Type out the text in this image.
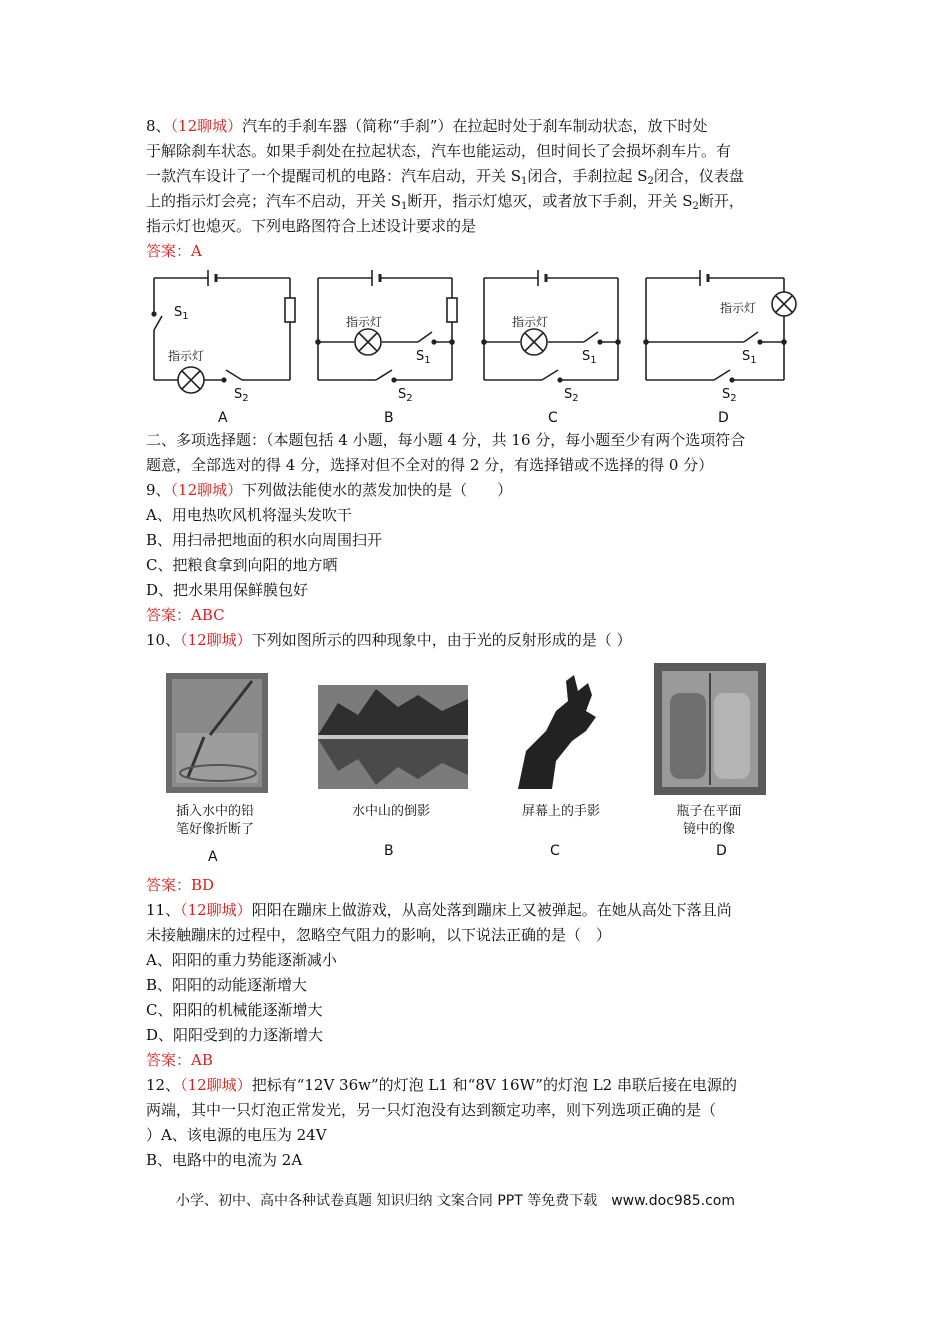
8、（12聊城）汽车的手刹车器（简称“手刹”）在拉起时处于刹车制动状态，放下时处
于解除刹车状态。如果手刹处在拉起状态，汽车也能运动，但时间长了会损坏刹车片。有
一款汽车设计了一个提醒司机的电路：汽车启动，开关 $S_1$闭合，手刹拉起 $S_2$闭合，仪表盘
上的指示灯会亮；汽车不启动，开关 $S_1$断开，指示灯熄灭，或者放下手刹，开关 $S_2$断开，
指示灯也熄灭。下列电路图符合上述设计要求的是
答案：A
$S_1$
指示灯
$S_2$
A
指示灯
$S_1$
$S_2$
B
指示灯
$S_1$
$S_2$
C
指示灯
$S_1$
$S_2$
D
二、多项选择题：（本题包括 4 小题，每小题 4 分，共 16 分，每小题至少有两个选项符合
题意，全部选对的得 4 分，选择对但不全对的得 2 分，有选择错或不选择的得 0 分）
9、（12聊城）下列做法能使水的蒸发加快的是（　　）
A、用电热吹风机将湿头发吹干
B、用扫帚把地面的积水向周围扫开
C、把粮食拿到向阳的地方晒
D、把水果用保鲜膜包好
答案：ABC
10、（12聊城）下列如图所示的四种现象中，由于光的反射形成的是（ ）
插入水中的铅
笔好像折断了
水中山的倒影	屏幕上的手影	瓶子在平面
镜中的像
A	B	C	D
答案：BD
11、（12聊城）阳阳在蹦床上做游戏，从高处落到蹦床上又被弹起。在她从高处下落且尚
未接触蹦床的过程中，忽略空气阻力的影响，以下说法正确的是（　）
A、阳阳的重力势能逐渐减小
B、阳阳的动能逐渐增大
C、阳阳的机械能逐渐增大
D、阳阳受到的力逐渐增大
答案：AB
12、（12聊城）把标有“12V 36w”的灯泡 L1 和“8V 16W”的灯泡 L2 串联后接在电源的
两端，其中一只灯泡正常发光，另一只灯泡没有达到额定功率，则下列选项正确的是（
）A、该电源的电压为 24V
B、电路中的电流为 2A
小学、初中、高中各种试卷真题 知识归纳 文案合同 PPT 等免费下载　www.doc985.com
